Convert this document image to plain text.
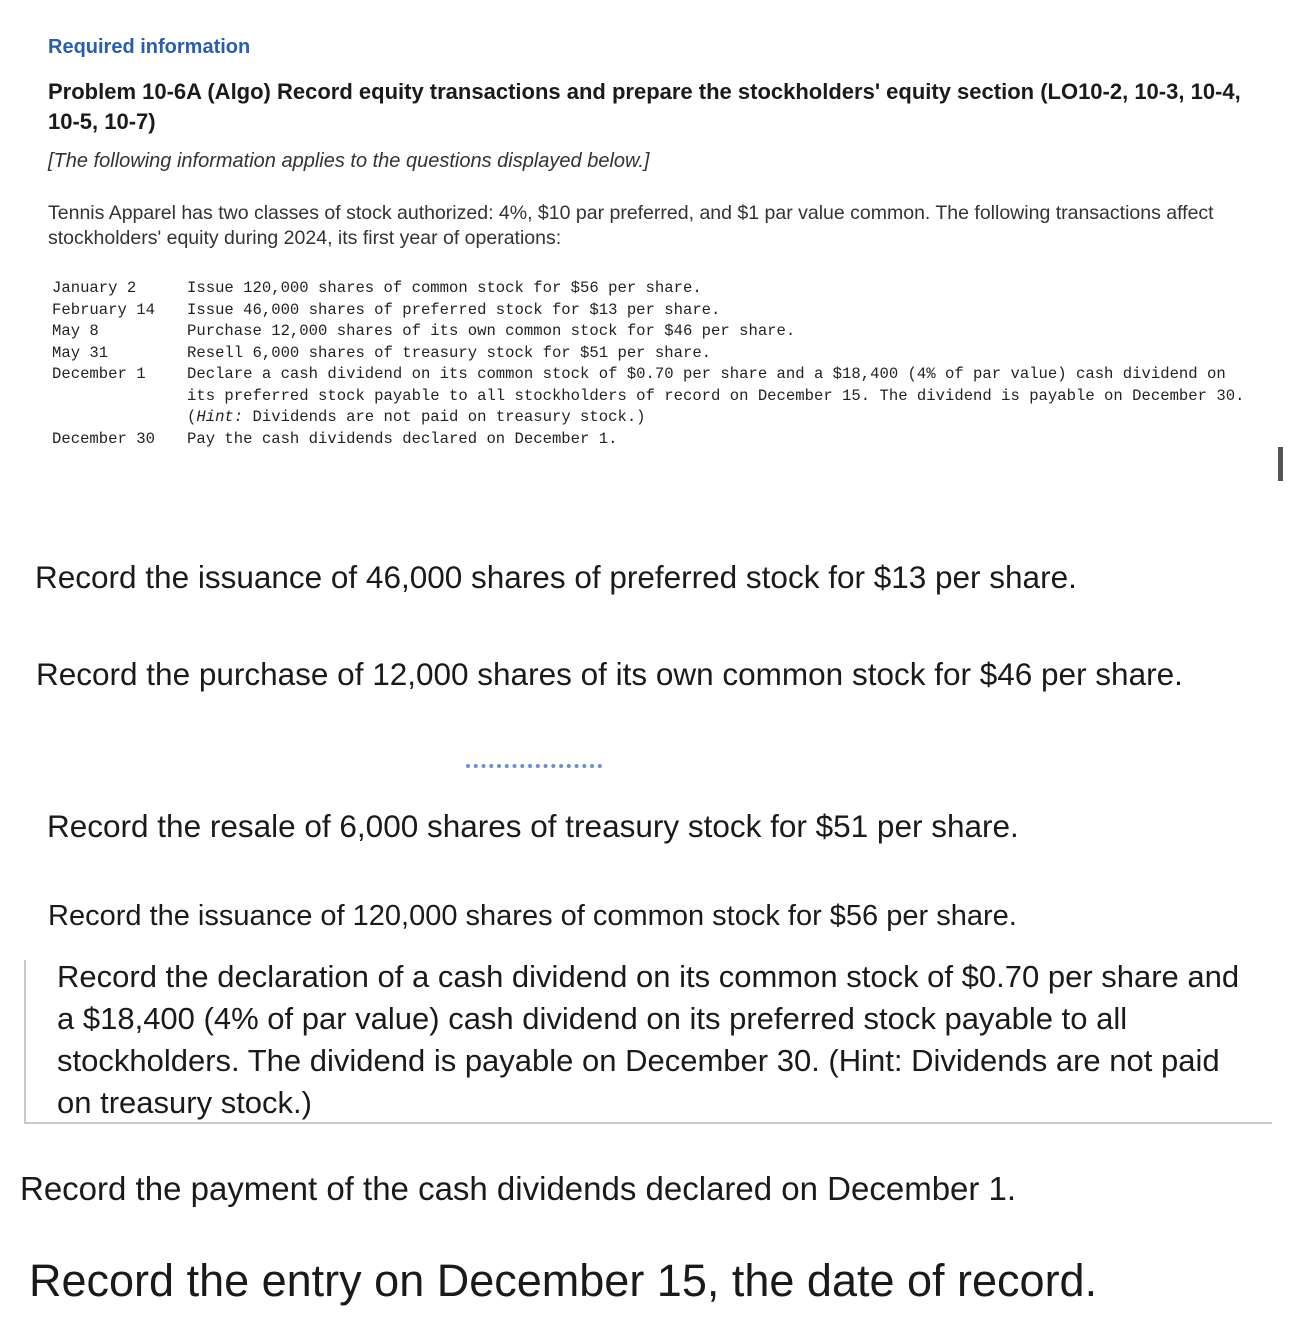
Required information
Problem 10-6A (Algo) Record equity transactions and prepare the stockholders' equity section (LO10-2, 10-3, 10-4, 10-5, 10-7)
[The following information applies to the questions displayed below.]
Tennis Apparel has two classes of stock authorized: 4%, $10 par preferred, and $1 par value common. The following transactions affect stockholders' equity during 2024, its first year of operations:
January 2	Issue 120,000 shares of common stock for $56 per share.
February 14	Issue 46,000 shares of preferred stock for $13 per share.
May 8	Purchase 12,000 shares of its own common stock for $46 per share.
May 31	Resell 6,000 shares of treasury stock for $51 per share.
December 1	Declare a cash dividend on its common stock of $0.70 per share and a $18,400 (4% of par value) cash dividend on its preferred stock payable to all stockholders of record on December 15. The dividend is payable on December 30. (Hint: Dividends are not paid on treasury stock.)
December 30	Pay the cash dividends declared on December 1.
Record the issuance of 46,000 shares of preferred stock for $13 per share.
Record the purchase of 12,000 shares of its own common stock for $46 per share.
Record the resale of 6,000 shares of treasury stock for $51 per share.
Record the issuance of 120,000 shares of common stock for $56 per share.
Record the declaration of a cash dividend on its common stock of $0.70 per share and a $18,400 (4% of par value) cash dividend on its preferred stock payable to all stockholders. The dividend is payable on December 30. (Hint: Dividends are not paid on treasury stock.)
Record the payment of the cash dividends declared on December 1.
Record the entry on December 15, the date of record.
